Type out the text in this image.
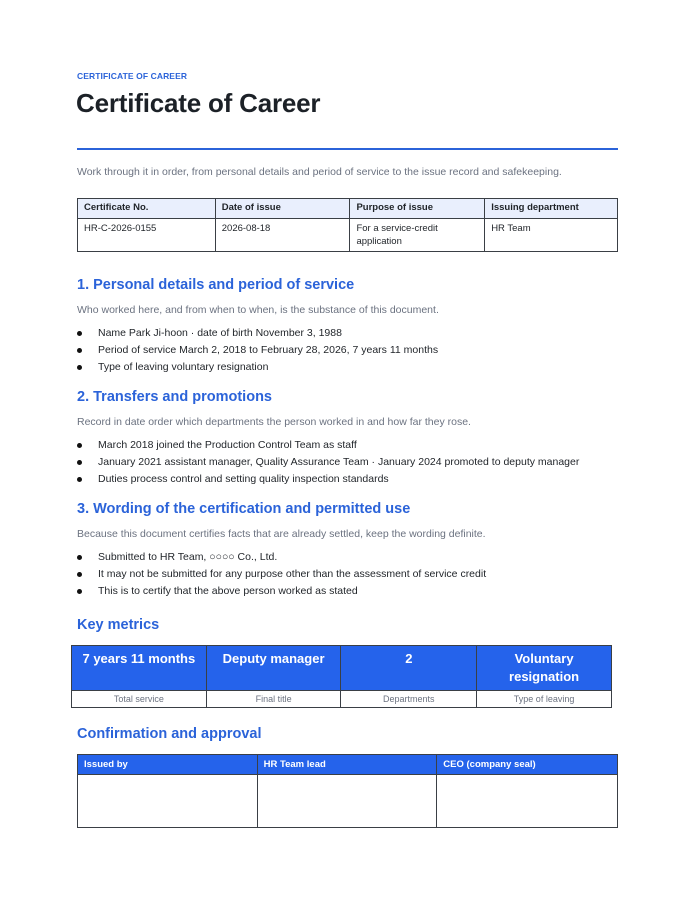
CERTIFICATE OF CAREER
Certificate of Career
Work through it in order, from personal details and period of service to the issue record and safekeeping.
Certificate No.	Date of issue	Purpose of issue	Issuing department
HR-C-2026-0155	2026-08-18	For a service-credit application	HR Team
1. Personal details and period of service
Who worked here, and from when to when, is the substance of this document.
Name Park Ji-hoon · date of birth November 3, 1988
Period of service March 2, 2018 to February 28, 2026, 7 years 11 months
Type of leaving voluntary resignation
2. Transfers and promotions
Record in date order which departments the person worked in and how far they rose.
March 2018 joined the Production Control Team as staff
January 2021 assistant manager, Quality Assurance Team · January 2024 promoted to deputy manager
Duties process control and setting quality inspection standards
3. Wording of the certification and permitted use
Because this document certifies facts that are already settled, keep the wording definite.
Submitted to HR Team, ○○○○ Co., Ltd.
It may not be submitted for any purpose other than the assessment of service credit
This is to certify that the above person worked as stated
Key metrics
7 years 11 months	Deputy manager	2	Voluntary resignation
Total service	Final title	Departments	Type of leaving
Confirmation and approval
Issued by	HR Team lead	CEO (company seal)
